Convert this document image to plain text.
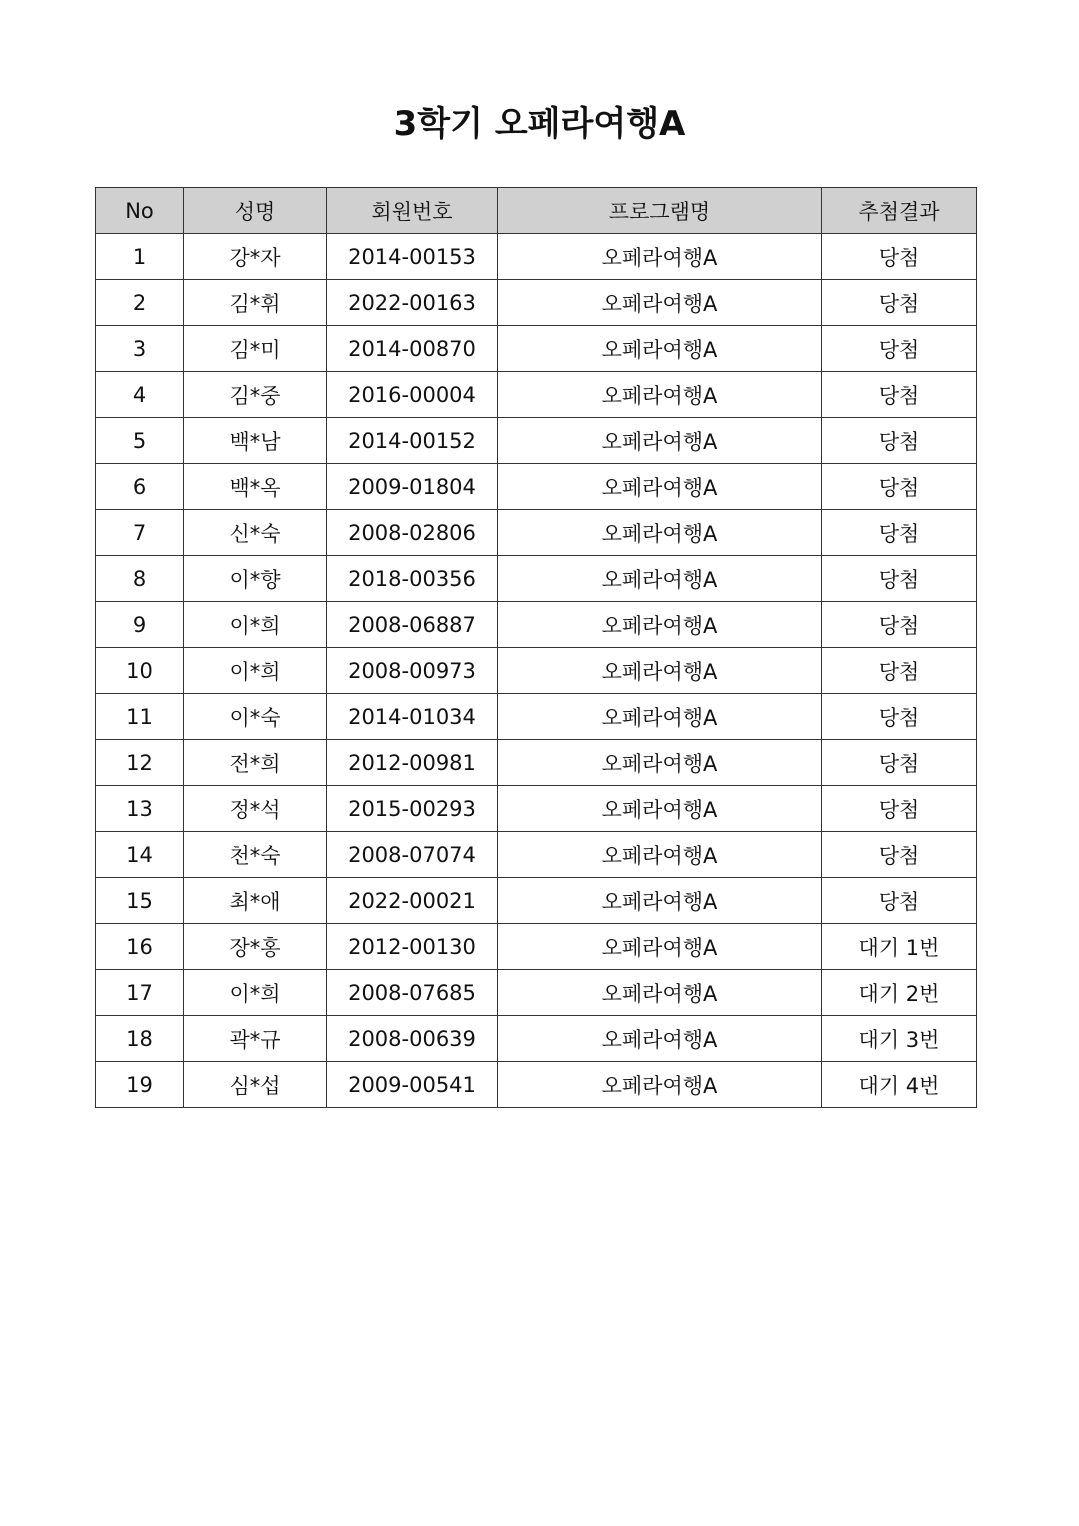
3학기 오페라여행A
No	성명	회원번호	프로그램명	추첨결과
1	강*자	2014-00153	오페라여행A	당첨
2	김*휘	2022-00163	오페라여행A	당첨
3	김*미	2014-00870	오페라여행A	당첨
4	김*중	2016-00004	오페라여행A	당첨
5	백*남	2014-00152	오페라여행A	당첨
6	백*옥	2009-01804	오페라여행A	당첨
7	신*숙	2008-02806	오페라여행A	당첨
8	이*향	2018-00356	오페라여행A	당첨
9	이*희	2008-06887	오페라여행A	당첨
10	이*희	2008-00973	오페라여행A	당첨
11	이*숙	2014-01034	오페라여행A	당첨
12	전*희	2012-00981	오페라여행A	당첨
13	정*석	2015-00293	오페라여행A	당첨
14	천*숙	2008-07074	오페라여행A	당첨
15	최*애	2022-00021	오페라여행A	당첨
16	장*홍	2012-00130	오페라여행A	대기 1번
17	이*희	2008-07685	오페라여행A	대기 2번
18	곽*규	2008-00639	오페라여행A	대기 3번
19	심*섭	2009-00541	오페라여행A	대기 4번
